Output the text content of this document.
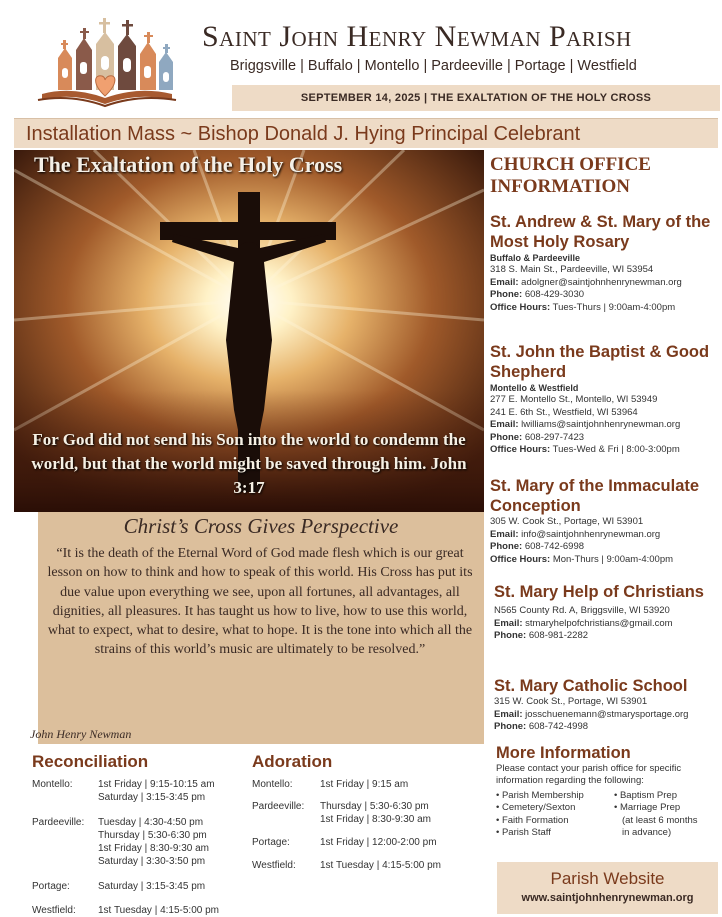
Saint John Henry Newman Parish
Briggsville | Buffalo | Montello | Pardeeville | Portage | Westfield
SEPTEMBER 14, 2025 | THE EXALTATION OF THE HOLY CROSS
Installation Mass ~ Bishop Donald J. Hying Principal Celebrant
The Exaltation of the Holy Cross
For God did not send his Son into the world to condemn the world, but that the world might be saved through him. John 3:17
Christ’s Cross Gives Perspective
“It is the death of the Eternal Word of God made flesh which is our great lesson on how to think and how to speak of this world. His Cross has put its due value upon everything we see, upon all fortunes, all advantages, all dignities, all pleasures. It has taught us how to live, how to use this world, what to expect, what to desire, what to hope. It is the tone into which all the strains of this world’s music are ultimately to be resolved.”
John Henry Newman
CHURCH OFFICE INFORMATION
St. Andrew & St. Mary of the Most Holy Rosary
Buffalo & Pardeeville
318 S. Main St., Pardeeville, WI 53954
Email: adolgner@saintjohnhenrynewman.org
Phone: 608-429-3030
Office Hours: Tues-Thurs | 9:00am-4:00pm
St. John the Baptist & Good Shepherd
Montello & Westfield
277 E. Montello St., Montello, WI 53949
241 E. 6th St., Westfield, WI 53964
Email: lwilliams@saintjohnhenrynewman.org
Phone: 608-297-7423
Office Hours: Tues-Wed & Fri | 8:00-3:00pm
St. Mary of the Immaculate Conception
305 W. Cook St., Portage, WI 53901
Email: info@saintjohnhenrynewman.org
Phone: 608-742-6998
Office Hours: Mon-Thurs | 9:00am-4:00pm
St. Mary Help of Christians
N565 County Rd. A, Briggsville, WI 53920
Email: stmaryhelpofchristians@gmail.com
Phone: 608-981-2282
St. Mary Catholic School
315 W. Cook St., Portage, WI 53901
Email: josschuenemann@stmarysportage.org
Phone: 608-742-4998
Reconciliation
Montello:	1st Friday | 9:15-10:15 am
Saturday | 3:15-3:45 pm
Pardeeville: Tuesday | 4:30-4:50 pm
Thursday | 5:30-6:30 pm
1st Friday | 8:30-9:30 am
Saturday | 3:30-3:50 pm
Portage:	Saturday | 3:15-3:45 pm
Westfield: 1st Tuesday | 4:15-5:00 pm
Adoration
Montello:	1st Friday | 9:15 am
Pardeeville: Thursday | 5:30-6:30 pm
1st Friday | 8:30-9:30 am
Portage:	1st Friday | 12:00-2:00 pm
Westfield: 1st Tuesday | 4:15-5:00 pm
More Information

Please contact your parish office for specific information regarding the following:

• Parish Membership
• Cemetery/Sexton
• Faith Formation
• Parish Staff
• Baptism Prep
• Marriage Prep
(at least 6 months
in advance)
Parish Website
www.saintjohnhenrynewman.org
